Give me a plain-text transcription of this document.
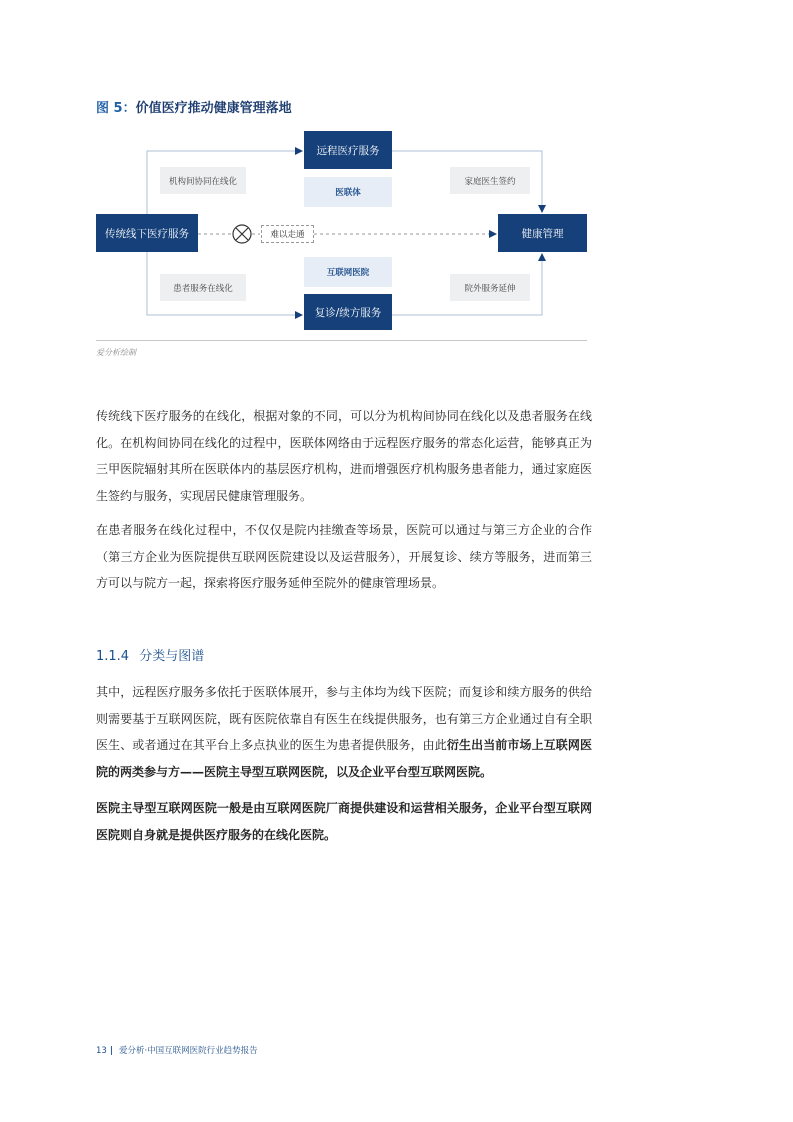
图 5：价值医疗推动健康管理落地
传统线下医疗服务
远程医疗服务
健康管理
复诊/续方服务
医联体
互联网医院
机构间协同在线化
患者服务在线化
家庭医生签约
院外服务延伸
难以走通
爱分析绘制

传统线下医疗服务的在线化，根据对象的不同，可以分为机构间协同在线化以及患者服务在线化。在机构间协同在线化的过程中，医联体网络由于远程医疗服务的常态化运营，能够真正为三甲医院辐射其所在医联体内的基层医疗机构，进而增强医疗机构服务患者能力，通过家庭医生签约与服务，实现居民健康管理服务。

在患者服务在线化过程中，不仅仅是院内挂缴查等场景，医院可以通过与第三方企业的合作（第三方企业为医院提供互联网医院建设以及运营服务），开展复诊、续方等服务，进而第三方可以与院方一起，探索将医疗服务延伸至院外的健康管理场景。

1.1.4 分类与图谱

其中，远程医疗服务多依托于医联体展开，参与主体均为线下医院；而复诊和续方服务的供给则需要基于互联网医院，既有医院依靠自有医生在线提供服务，也有第三方企业通过自有全职医生、或者通过在其平台上多点执业的医生为患者提供服务，由此衍生出当前市场上互联网医院的两类参与方——医院主导型互联网医院，以及企业平台型互联网医院。

医院主导型互联网医院一般是由互联网医院厂商提供建设和运营相关服务，企业平台型互联网医院则自身就是提供医疗服务的在线化医院。

13 | 爱分析·中国互联网医院行业趋势报告
